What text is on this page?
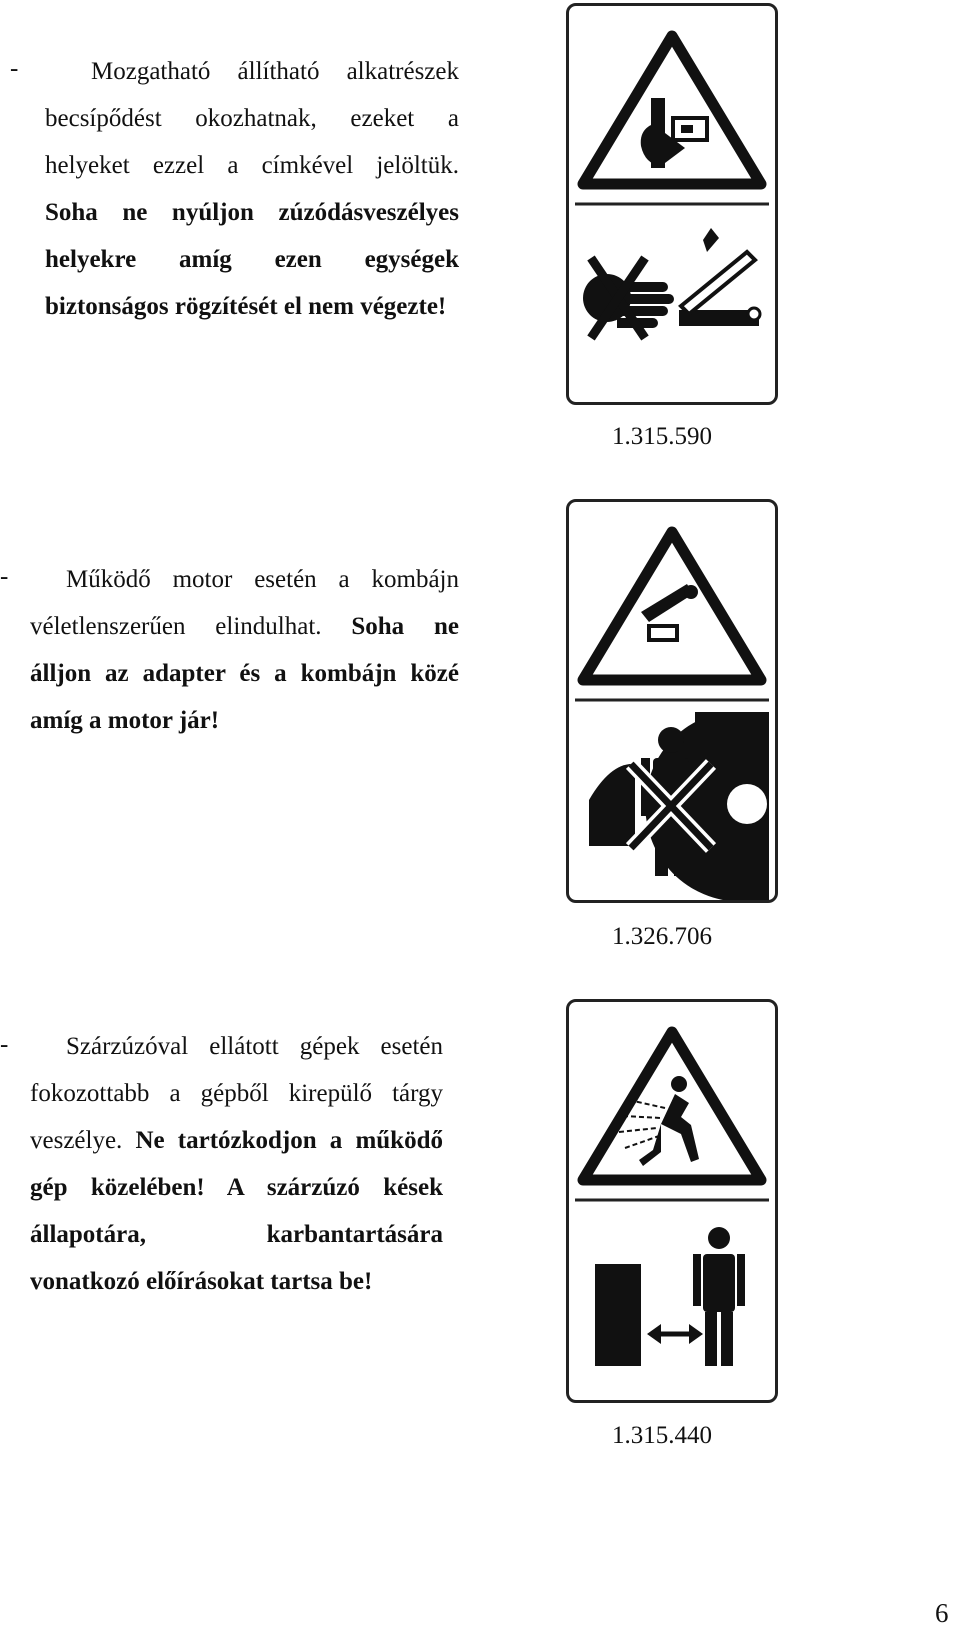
-	Mozgatható állítható alkatrészek

becsípődést okozhatnak, ezeket a

helyeket ezzel a címkével jelöltük.

Soha ne nyúljon zúzódásveszélyes

helyekre amíg ezen egységek

biztonságos rögzítését el nem végezte!

1.315.590
-	Működő motor esetén a kombájn

véletlenszerűen elindulhat. Soha ne

álljon az adapter és a kombájn közé

amíg a motor jár!

1.326.706
-	Szárzúzóval ellátott gépek esetén

fokozottabb a gépből kirepülő tárgy

veszélye. Ne tartózkodjon a működő

gép közelében! A szárzúzó kések

állapotára, karbantartására

vonatkozó előírásokat tartsa be!

1.315.440
6
